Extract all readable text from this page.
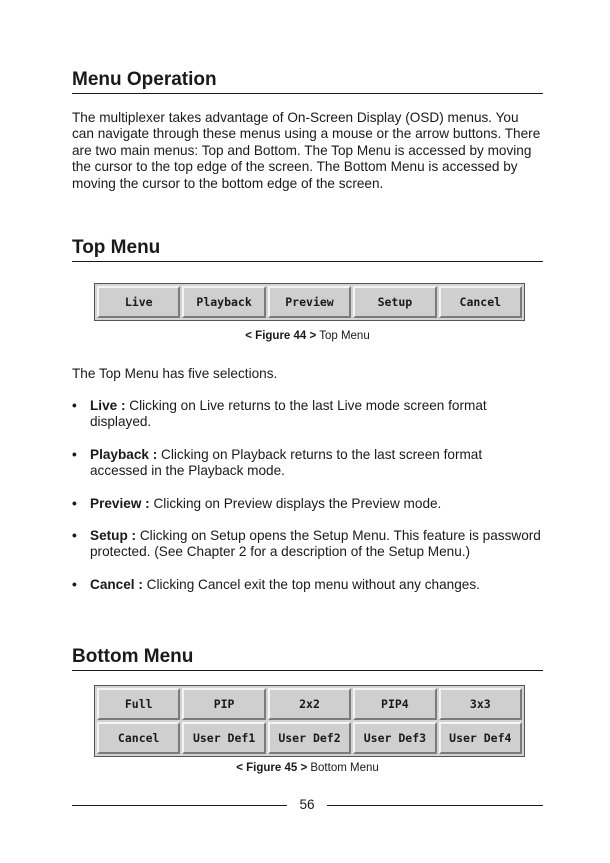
Menu Operation

The multiplexer takes advantage of On-Screen Display (OSD) menus. You can navigate through these menus using a mouse or the arrow buttons. There are two main menus: Top and Bottom. The Top Menu is accessed by moving the cursor to the top edge of the screen. The Bottom Menu is accessed by moving the cursor to the bottom edge of the screen.

Top Menu
Live	Playback	Preview	Setup	Cancel
< Figure 44 > Top Menu

The Top Menu has five selections.

• Live : Clicking on Live returns to the last Live mode screen format displayed.
• Playback : Clicking on Playback returns to the last screen format accessed in the Playback mode.
• Preview : Clicking on Preview displays the Preview mode.
• Setup : Clicking on Setup opens the Setup Menu. This feature is password protected. (See Chapter 2 for a description of the Setup Menu.)
• Cancel : Clicking Cancel exit the top menu without any changes.
Bottom Menu
Full	PIP	2x2	PIP4	3x3
Cancel	User Def1	User Def2	User Def3	User Def4
< Figure 45 > Bottom Menu
56
